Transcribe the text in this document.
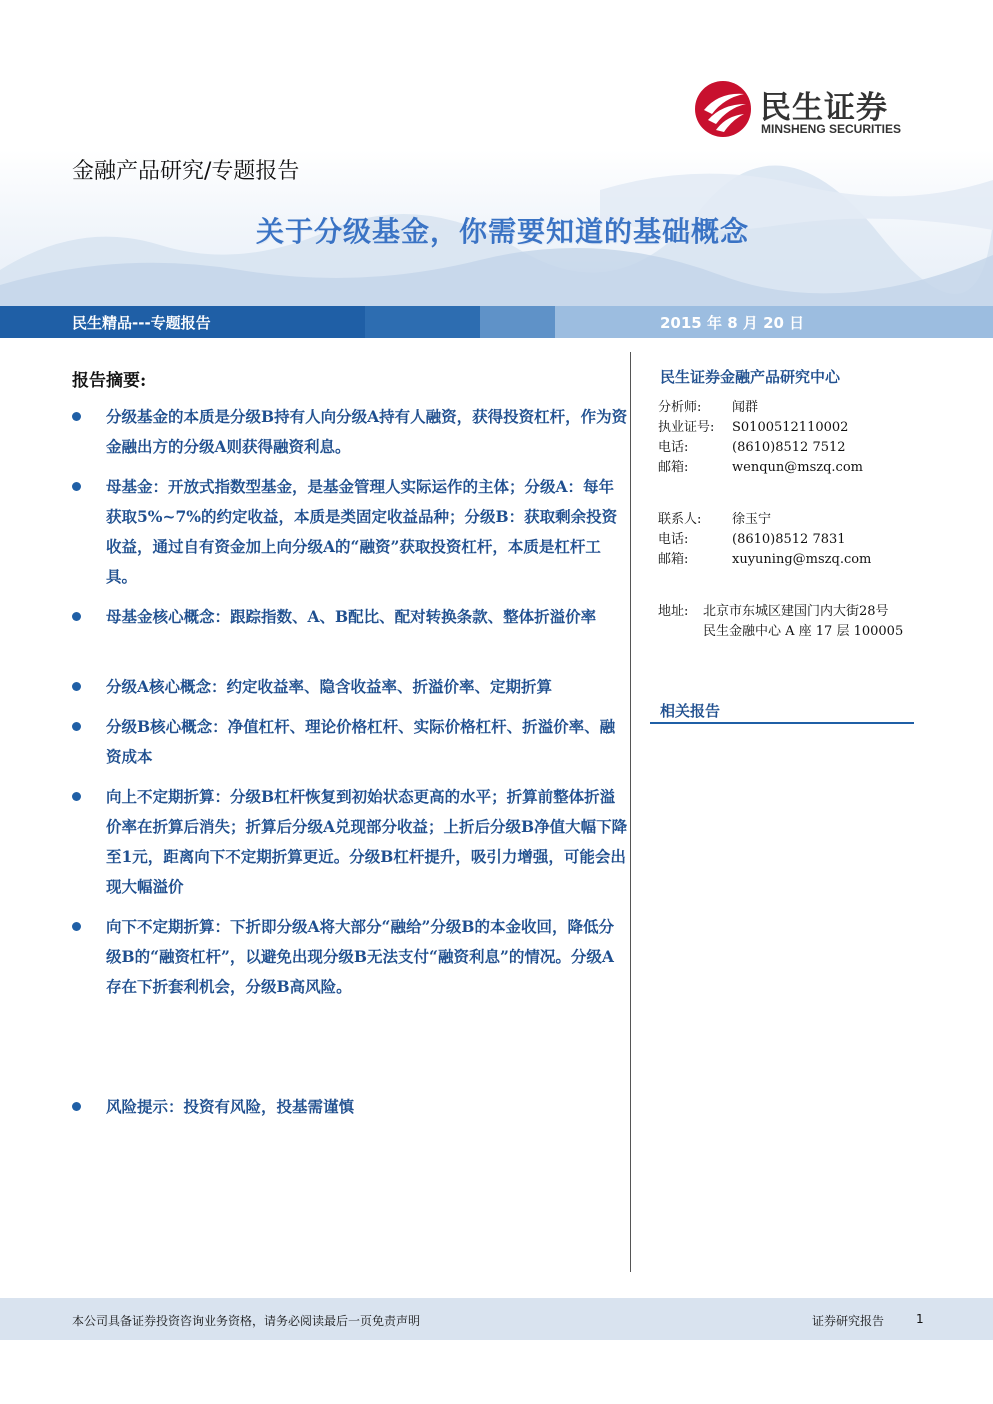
民生证券
MINSHENG SECURITIES
金融产品研究/专题报告
关于分级基金，你需要知道的基础概念
民生精品---专题报告	2015 年 8 月 20 日
报告摘要:
分级基金的本质是分级B持有人向分级A持有人融资，获得投资杠杆，作为资金融出方的分级A则获得融资利息。
母基金：开放式指数型基金，是基金管理人实际运作的主体；分级A：每年获取5%~7%的约定收益，本质是类固定收益品种；分级B：获取剩余投资收益，通过自有资金加上向分级A的“融资”获取投资杠杆，本质是杠杆工具。
母基金核心概念：跟踪指数、A、B配比、配对转换条款、整体折溢价率
分级A核心概念：约定收益率、隐含收益率、折溢价率、定期折算
分级B核心概念：净值杠杆、理论价格杠杆、实际价格杠杆、折溢价率、融资成本
向上不定期折算：分级B杠杆恢复到初始状态更高的水平；折算前整体折溢价率在折算后消失；折算后分级A兑现部分收益；上折后分级B净值大幅下降至1元，距离向下不定期折算更近。分级B杠杆提升，吸引力增强，可能会出现大幅溢价
向下不定期折算：下折即分级A将大部分“融给”分级B的本金收回，降低分级B的“融资杠杆”，以避免出现分级B无法支付“融资利息”的情况。分级A存在下折套利机会，分级B高风险。
风险提示：投资有风险，投基需谨慎
民生证券金融产品研究中心
分析师: 闻群
执业证号: S0100512110002
电话:	(8610)8512 7512
邮箱:	wenqun@mszq.com
联系人: 徐玉宁
电话:	(8610)8512 7831
邮箱:	xuyuning@mszq.com
地址:	北京市东城区建国门内大街28号
民生金融中心 A 座 17 层 100005
相关报告
本公司具备证券投资咨询业务资格，请务必阅读最后一页免责声明	证券研究报告	1
